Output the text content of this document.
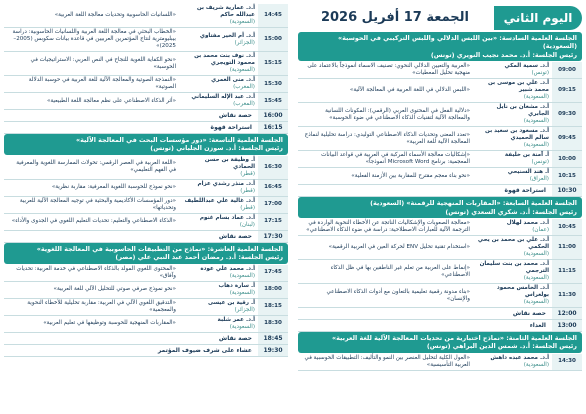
اليوم الثاني
الجمعة 17 أفريل 2026
الجلسة العلمية السادسة: «بين اللبس الدلالي واللبس التركيبي في الحوسبة» (السعودية)
رئيس الجلسة: أ.د. محمد نجيب النويري (تونس)
09:00
أ.د. سمية المكي
(تونس)
«العربية والتعيين الدلالي النحوي: تصنيف الاسماء أنموذجاً بالاعتماد على منهجية تحليل المعطيات»
09:15
أ.د. علي بن موسى بن محمد شبير
(السعودية)
«اللبس الدلالي في اللغة العربية في المعالجة الآلية»
09:30
أ.د. مشعان بن نايل الجابري
(السعودية)
«دلالية الفعل في المحتوى العربي (الرقمي): المكونات اللسانية والمعالجة الآلية لتقنيات الذكاء الاصطناعي في ضوء الحوسبة»
09:45
أ.د. مسعود بن سعيد بن سالم الحميدي
(السعودية)
«تعدد المعنى وتحديات الذكاء الاصطناعي التوليدي: دراسة تحليلية لنماذج المعالجة الآلية للغة العربية»
10:00
أ. آمنة بن خليفة
(تونس)
«إشكاليات معالجة الأسماء المركبة في العربية في قواعد البيانات المعجمية: برنامج Microsoft Word أنموذجاً»
10:15
أ. هند السنيحي
(العراق)
«نحو بناء معجم مقترح للمقاربة بين الأزمنة الفعلية»
10:30
استراحة قهوة
الجلسة العلمية السابعة: «المقاربات المنهجية للرقمنة» (السعودية)
رئيس الجلسة: أ.د. شكري السعدي (تونس)
10:45
أ.د. محمد لهلال
(عمان)
«معالجة الصعوبات والإشكاليات الناتجة عن الأخطاء النحوية الواردة في الترجمة الآلية للعبارات الاصطلاحية: دراسة في ضوء الذكاء الاصطناعي»
11:00
أ.د. علي بن محمد بن يحي الحكمي
(السعودية)
«استخدام تقنية تحليل ENV لحركة العين في العربية الرقمية»
11:15
أ.د. محمد بن بنت سليمان الترجمي
(السعودية)
«إنماط على العربية من تعلم غير الناطقين بها في ظل الذكاء الاصطناعي»
11:30
أ.د. الخامس محمود بولعراس
(السعودية)
«بناء مدونة رقمية تعليمية بالتعاون مع أدوات الذكاء الاصطناعي والإنسان»
12:00
حصة نقاش
13:00
الغداء
الجلسة العلمية الثامنة: «نماذج اختبارية من تحديات المعالجة الآلية للغة العربية»
رئيس الجلسة: أ.د. شمس الدين البراهي (تونس)
14:30
أ.د. محمد عبده داهش
(السعودية)
«العول الكلية لتحليل العنصر بين النمو والتأليف: التطبيقات الحوسبية في العربية التأسيسية»
14:45
أ.د. عمارية شريف بن عبدالله حاكم
(السعودية)
«اللسانيات الحاسوبية وتحديات معالجة اللغة العربية»
15:00
أ.د. أم الخير مفتاوي
(الجزائر)
«الخطاب البحثي في معالجة اللغة العربية واللسانيات الحاسوبية: دراسة بيبليومترية لنتاج المؤتمرين العربيين في قاعدة بيانات سكوبس (2005–2025)»
15:15
أ.د. نوف بنت محمد بن محمود التويجري
(السعودية)
«نحو الكفاية اللغوية للنجاح في النص العربي: الاستراتيجيات في الحوسبة»
15:30
أ.د. منى العمري
(المغرب)
«النمذجة الصوتية والمعالجة الآلية للغة العربية في حوسبة الدلالة الصوتية»
15:45
أ.د. عبد الإله السليماني
(المغرب)
«أثر الذكاء الاصطناعي على نظم معالجة اللغة الطبيعية»
16:00
حصة نقاش
16:15
استراحة قهوة
الجلسة العلمية التاسعة: «دور مؤسسات البحث في المعالجة الآلية»
رئيس الجلسة: أ.د. سوزن الجلباني (تونس)
16:30
أ. وظيفة بن حسن الحمادي
(قطر)
«اللغة العربية في العصر الرقمي: تحولات الممارسة اللغوية والمعرفية في الفهم التعليمي»
16:45
أ.د. منذر رشدي عزام
(قطر)
«نحو نموذج للحوسبة اللغوية المعرفية: مقاربة نظرية»
17:00
أ.د. غالية علي عبداللطيف
(قطر)
«دور المؤسسات الأكاديمية والبحثية في توجيه المعالجة الآلية للعربية وتحدياتها»
17:15
أ.د. عماد بسام غنوم
(لبنان)
«الذكاء الاصطناعي والتعليم: تحديات التعليم اللغوي في الجدوى والأداء»
17:30
حصة نقاش
الجلسة العلمية العاشرة: «نماذج من التطبيقات الحاسوبية في المعالجة اللغوية»
رئيس الجلسة: أ.د. رمضان أحمد عبد النبي علي (مصر)
17:45
أ.د. محمد علي عودة
(السعودية)
«المحتوى اللغوي المولد بالذكاء الاصطناعي في خدمة العربية: تحديات وآفاق»
18:00
أ. سارة دهاب
(السعودية)
«نحو نموذج صرفي صوتي للتحليل الآلي للغة العربية»
18:15
أ. رقية بن عيسى
(الجزائر)
«التدقيق اللغوي الآلي في العربية: مقاربة تحليلية للأخطاء النحوية والمعجمية»
18:30
أ.د. عمر شلبة
(السعودية)
«المقاربات المنهجية للحوسبة وتوظيفها في تعليم العربية»
18:45
حصة نقاش
19:30
عشاء على شرف ضيوف المؤتمر
